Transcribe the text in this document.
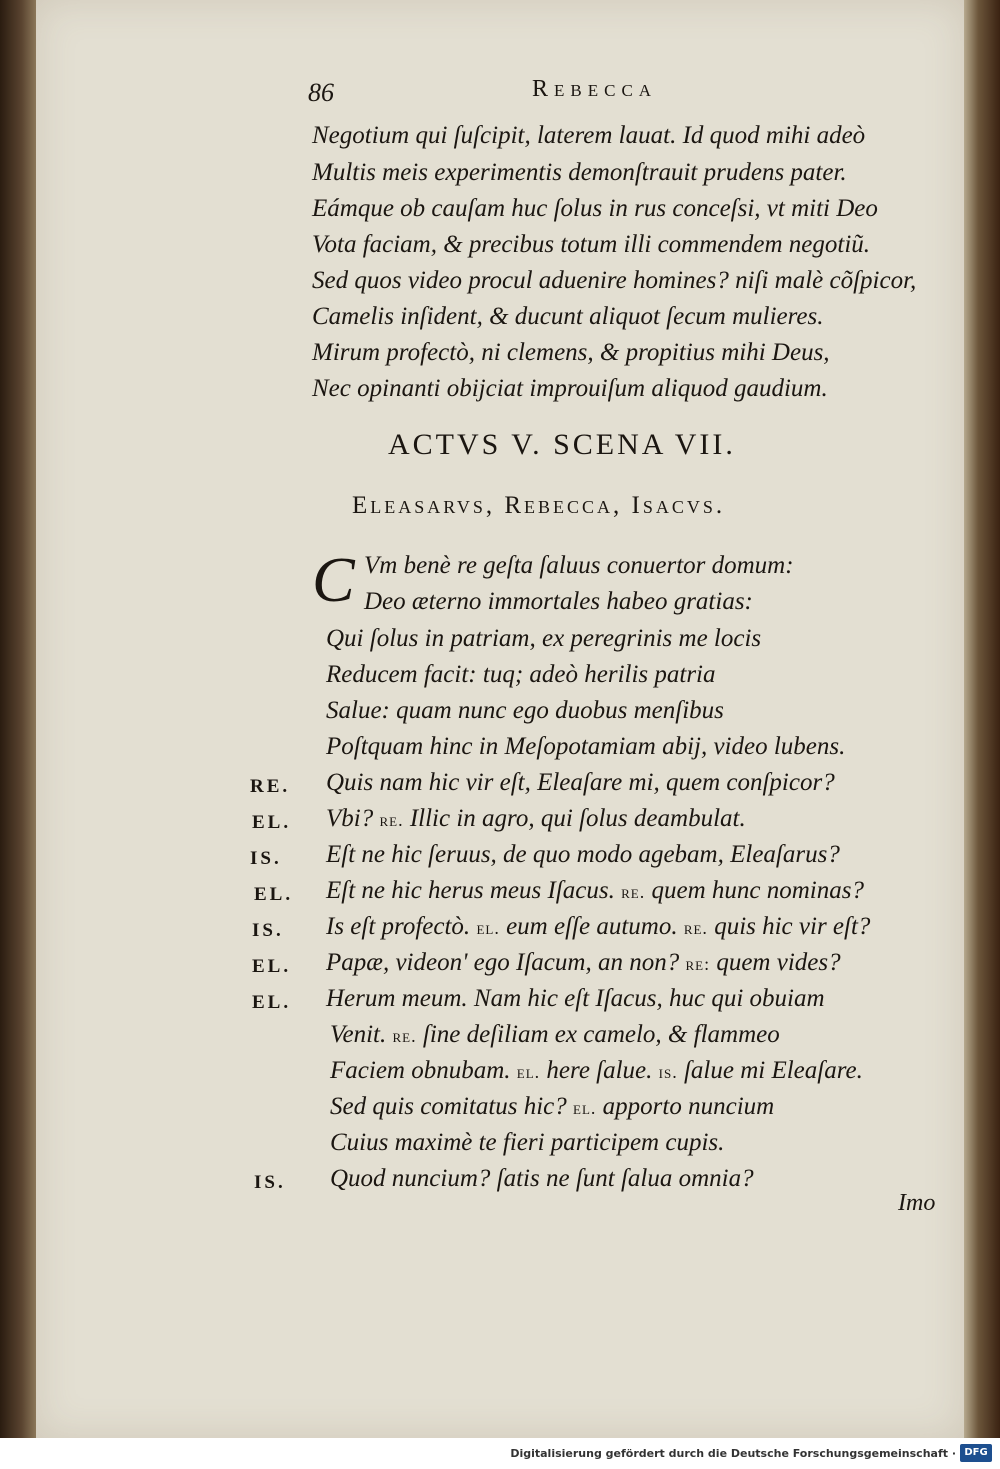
86	Rebecca
Negotium qui ſuſcipit, laterem lauat. Id quod mihi adeò
Multis meis experimentis demonſtrauit prudens pater.
Eámque ob cauſam huc ſolus in rus conceſsi, vt miti Deo
Vota faciam, & precibus totum illi commendem negotiũ.
Sed quos video procul aduenire homines? niſi malè cõſpicor,
Camelis inſident, & ducunt aliquot ſecum mulieres.
Mirum profectò, ni clemens, & propitius mihi Deus,
Nec opinanti obijciat improuiſum aliquod gaudium.
ACTVS V. SCENA VII.
Eleasarvs, Rebecca, Isacvs.
C Vm benè re geſta ſaluus conuertor domum:
Deo æterno immortales habeo gratias:
Qui ſolus in patriam, ex peregrinis me locis
Reducem facit: tuq; adeò herilis patria
Salue: quam nunc ego duobus menſibus
Poſtquam hinc in Meſopotamiam abij, video lubens.
RE. Quis nam hic vir eſt, Eleaſare mi, quem conſpicor?
EL. Vbi? re. Illic in agro, qui ſolus deambulat.
IS. Eſt ne hic ſeruus, de quo modo agebam, Eleaſarus?
EL. Eſt ne hic herus meus Iſacus. re. quem hunc nominas?
IS. Is eſt profectò. el. eum eſſe autumo. re. quis hic vir eſt?
EL. Papæ, videon' ego Iſacum, an non? re: quem vides?
EL. Herum meum. Nam hic eſt Iſacus, huc qui obuiam
Venit. re. ſine deſiliam ex camelo, & flammeo
Faciem obnubam. el. here ſalue. is. ſalue mi Eleaſare.
Sed quis comitatus hic? el. apporto nuncium
Cuius maximè te fieri participem cupis.
IS. Quod nuncium? ſatis ne ſunt ſalua omnia?
Imo
Digitalisierung gefördert durch die Deutsche Forschungsgemeinschaft · DFG
